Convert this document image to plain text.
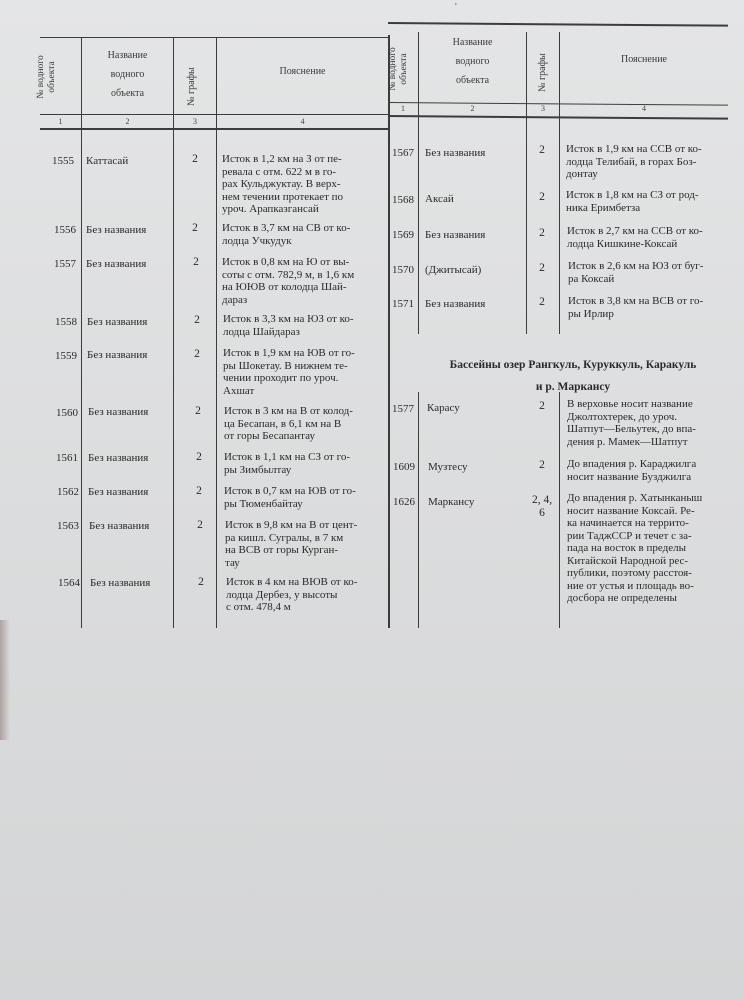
'
№ водного
объекта
Название
водного
объекта	№ графы	Пояснение
1	2	3	4
№ водного
объекта
Название
водного
объекта	№ графы	Пояснение
1	2	3	4
1555 Каттасай	2	Исток в 1,2 км на З от пе-
ревала с отм. 622 м в го-
рах Кульджуктау. В верх-
нем течении протекает по
уроч. Арапказгансай
1556 Без названия	2	Исток в 3,7 км на СВ от ко-
лодца Учкудук
1557 Без названия	2	Исток в 0,8 км на Ю от вы-
соты с отм. 782,9 м, в 1,6 км
на ЮЮВ от колодца Шай-
дараз
1558 Без названия	2	Исток в 3,3 км на ЮЗ от ко-
лодца Шайдараз
1559 Без названия	2	Исток в 1,9 км на ЮВ от го-
ры Шокетау. В нижнем те-
чении проходит по уроч.
Ахшат
1560 Без названия	2	Исток в 3 км на В от колод-
ца Бесапан, в 6,1 км на В
от горы Бесапантау
1561 Без названия	2	Исток в 1,1 км на СЗ от го-
ры Зимбылтау
1562 Без названия	2	Исток в 0,7 км на ЮВ от го-
ры Тюменбайтау
1563 Без названия	2	Исток в 9,8 км на В от цент-
ра кишл. Сугралы, в 7 км
на ВСВ от горы Курган-
тау
1564 Без названия	2	Исток в 4 км на ВЮВ от ко-
лодца Дербез, у высоты
с отм. 478,4 м
1567 Без названия	2	Исток в 1,9 км на ССВ от ко-
лодца Телибай, в горах Боз-
донтау
1568 Аксай	2	Исток в 1,8 км на СЗ от род-
ника Еримбетза
1569 Без названия	2	Исток в 2,7 км на ССВ от ко-
лодца Кишкине-Коксай
1570 (Джитысай)	2	Исток в 2,6 км на ЮЗ от буг-
ра Коксай
1571 Без названия	2	Исток в 3,8 км на ВСВ от го-
ры Ирлир
Бассейны озер Рангкуль, Куруккуль, Каракуль
и р. Маркансу
1577 Карасу	2	В верховье носит название
Джолтохтерек, до уроч.
Шатпут—Бельутек, до впа-
дения р. Мамек—Шатпут
1609 Музтесу	2	До впадения р. Караджилга
носит название Бузджилга
1626 Маркансу	2, 4,
6
До впадения р. Хатынканыш
носит название Коксай. Ре-
ка начинается на террито-
рии ТаджССР и течет с за-
пада на восток в пределы
Китайской Народной рес-
публики, поэтому расстоя-
ние от устья и площадь во-
досбора не определены
